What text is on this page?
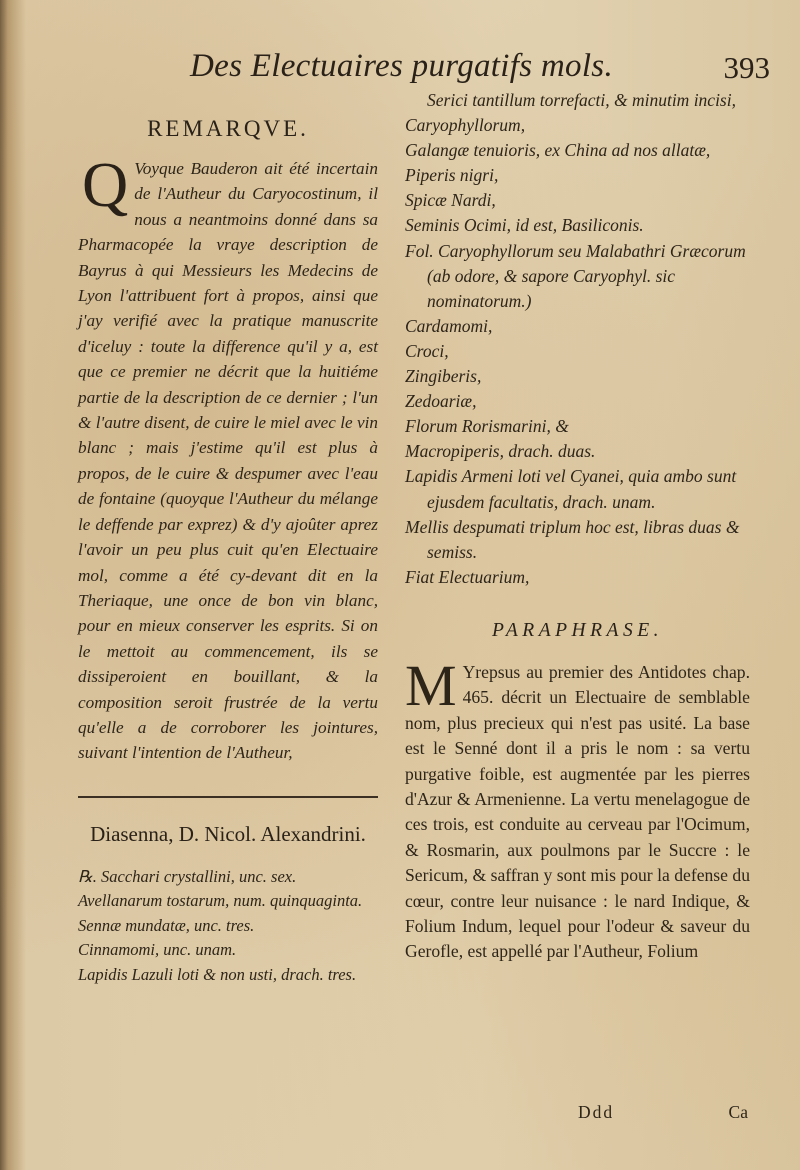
Des Electuaires purgatifs mols.	393
REMARQVE.

Q Voyque Bauderon ait été incertain de l'Autheur du Caryocostinum, il nous a neantmoins donné dans sa Pharmacopée la vraye description de Bayrus à qui Messieurs les Medecins de Lyon l'attribuent fort à propos, ainsi que j'ay verifié avec la pratique manuscrite d'iceluy : toute la difference qu'il y a, est que ce premier ne décrit que la huitiéme partie de la description de ce dernier ; l'un & l'autre disent, de cuire le miel avec le vin blanc ; mais j'estime qu'il est plus à propos, de le cuire & despumer avec l'eau de fontaine (quoyque l'Autheur du mélange le deffende par exprez) & d'y ajoûter aprez l'avoir un peu plus cuit qu'en Electuaire mol, comme a été cy-devant dit en la Theriaque, une once de bon vin blanc, pour en mieux conserver les esprits. Si on le mettoit au commencement, ils se dissiperoient en bouillant, & la composition seroit frustrée de la vertu qu'elle a de corroborer les jointures, suivant l'intention de l'Autheur,

Diasenna, D. Nicol. Alexandrini.
℞. Sacchari crystallini, unc. sex.
Avellanarum tostarum, num. quinquaginta.
Sennæ mundatæ, unc. tres.
Cinnamomi, unc. unam.
Lapidis Lazuli loti & non usti, drach. tres.
Serici tantillum torrefacti, & minutim incisi,
Caryophyllorum,
Galangæ tenuioris, ex China ad nos allatæ,
Piperis nigri,
Spicæ Nardi,
Seminis Ocimi, id est, Basiliconis.
Fol. Caryophyllorum seu Malabathri Græcorum (ab odore, & sapore Caryophyl. sic nominatorum.)
Cardamomi,
Croci,
Zingiberis,
Zedoariæ,
Florum Rorismarini, &
Macropiperis, drach. duas.
Lapidis Armeni loti vel Cyanei, quia ambo sunt ejusdem facultatis, drach. unam.
Mellis despumati triplum hoc est, libras duas & semiss.
Fiat Electuarium,
PARAPHRASE.

M Yrepsus au premier des Antidotes chap. 465. décrit un Electuaire de semblable nom, plus precieux qui n'est pas usité. La base est le Senné dont il a pris le nom : sa vertu purgative foible, est augmentée par les pierres d'Azur & Armenienne. La vertu menelagogue de ces trois, est conduite au cerveau par l'Ocimum, & Rosmarin, aux poulmons par le Succre : le Sericum, & saffran y sont mis pour la defense du cœur, contre leur nuisance : le nard Indique, & Folium Indum, lequel pour l'odeur & saveur du Gerofle, est appellé par l'Autheur, Folium

Ddd	Ca
